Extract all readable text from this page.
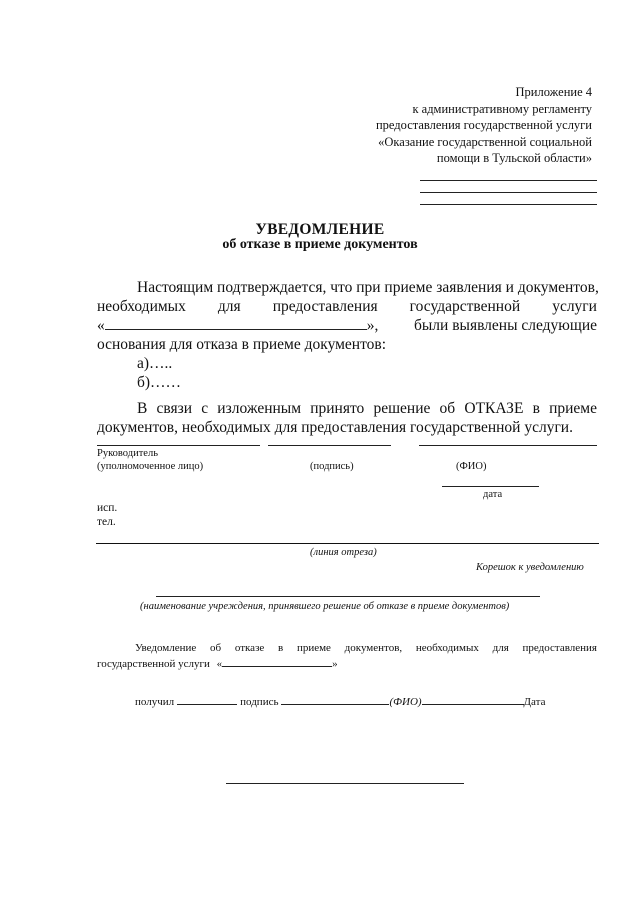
Приложение 4
к административному регламенту
предоставления государственной услуги
«Оказание государственной социальной
помощи в Тульской области»
УВЕДОМЛЕНИЕ
об отказе в приеме документов
Настоящим подтверждается, что при приеме заявления и документов,
необходимых для предоставления государственной услуги
«	»,	были выявлены следующие
основания для отказа в приеме документов:
а)…..
б)……
В связи с изложенным принято решение об ОТКАЗЕ в приеме
документов, необходимых для предоставления государственной услуги.
Руководитель
(уполномоченное лицо)	(подпись)	(ФИО)
дата
исп.
тел.
(линия отреза)
Корешок к уведомлению
(наименование учреждения, принявшего решение об отказе в приеме документов)
Уведомление об отказе в приеме документов, необходимых для предоставления
государственной услуги «	»
получил	подпись	(ФИО)	Дата
